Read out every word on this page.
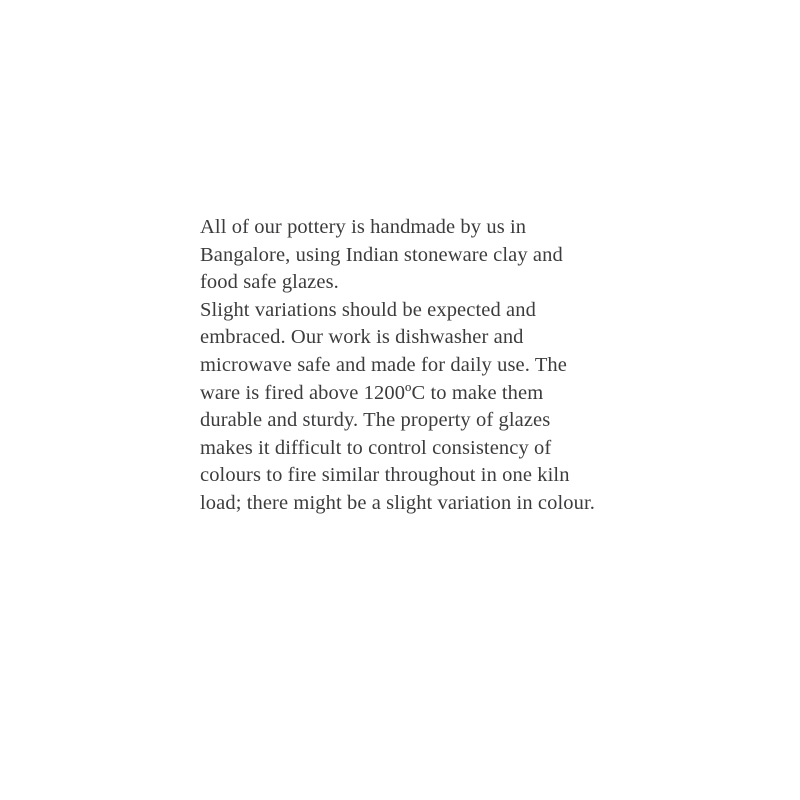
All of our pottery is handmade by us in Bangalore, using Indian stoneware clay and food safe glazes.

Slight variations should be expected and embraced. Our work is dishwasher and microwave safe and made for daily use. The ware is fired above 1200ºC to make them durable and sturdy. The property of glazes makes it difficult to control consistency of colours to fire similar throughout in one kiln load; there might be a slight variation in colour.
